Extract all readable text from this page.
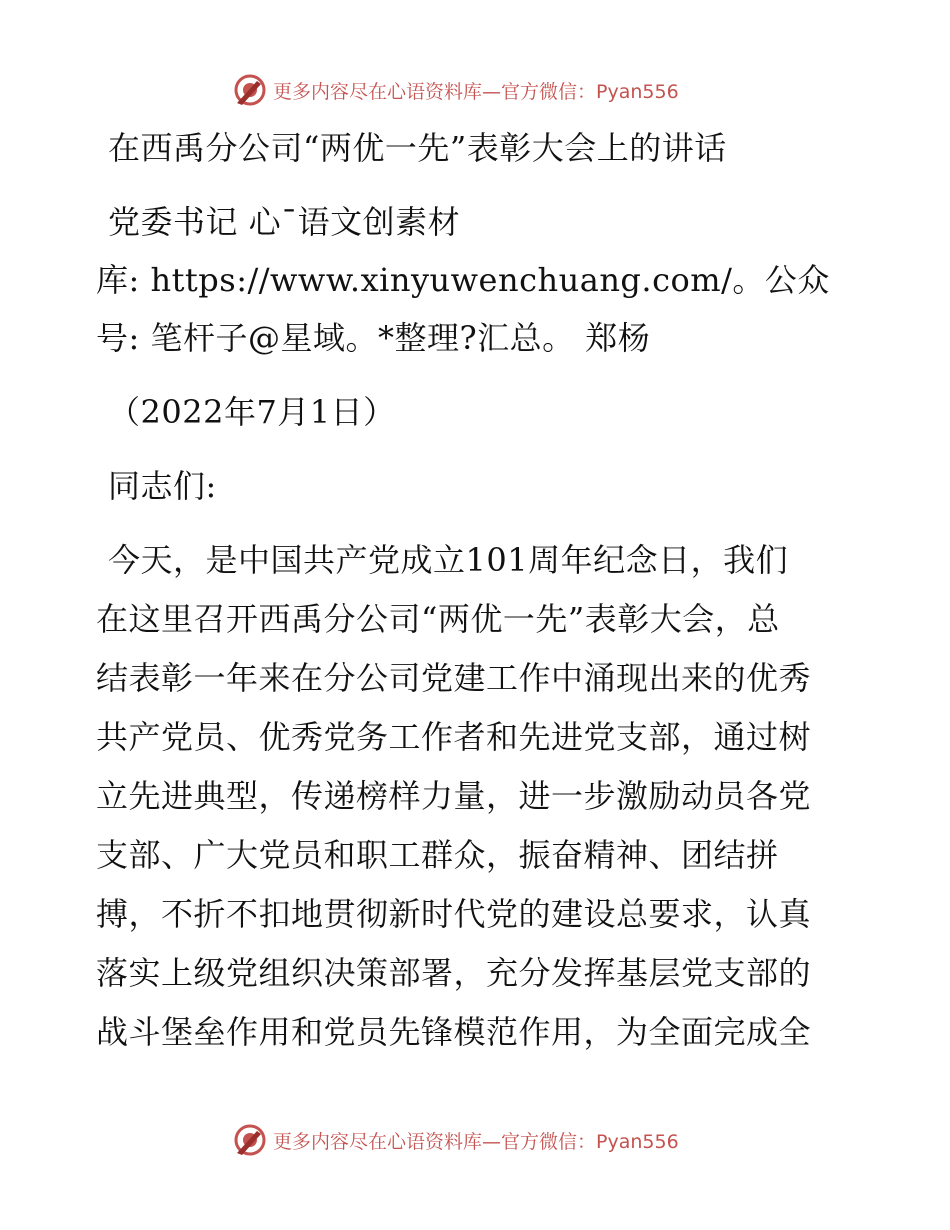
更多内容尽在心语资料库—官方微信：Pyan556
在西禹分公司“两优一先”表彰大会上的讲话
党委书记 心¯语文创素材
库: https://www.xinyuwenchuang.com/。公众
号: 笔杆子@星域。*整理?汇总。 郑杨
（2022年7月1日）
同志们:
今天，是中国共产党成立101周年纪念日，我们
在这里召开西禹分公司“两优一先”表彰大会，总
结表彰一年来在分公司党建工作中涌现出来的优秀
共产党员、优秀党务工作者和先进党支部，通过树
立先进典型，传递榜样力量，进一步激励动员各党
支部、广大党员和职工群众，振奋精神、团结拼
搏，不折不扣地贯彻新时代党的建设总要求，认真
落实上级党组织决策部署，充分发挥基层党支部的
战斗堡垒作用和党员先锋模范作用，为全面完成全
更多内容尽在心语资料库—官方微信：Pyan556
